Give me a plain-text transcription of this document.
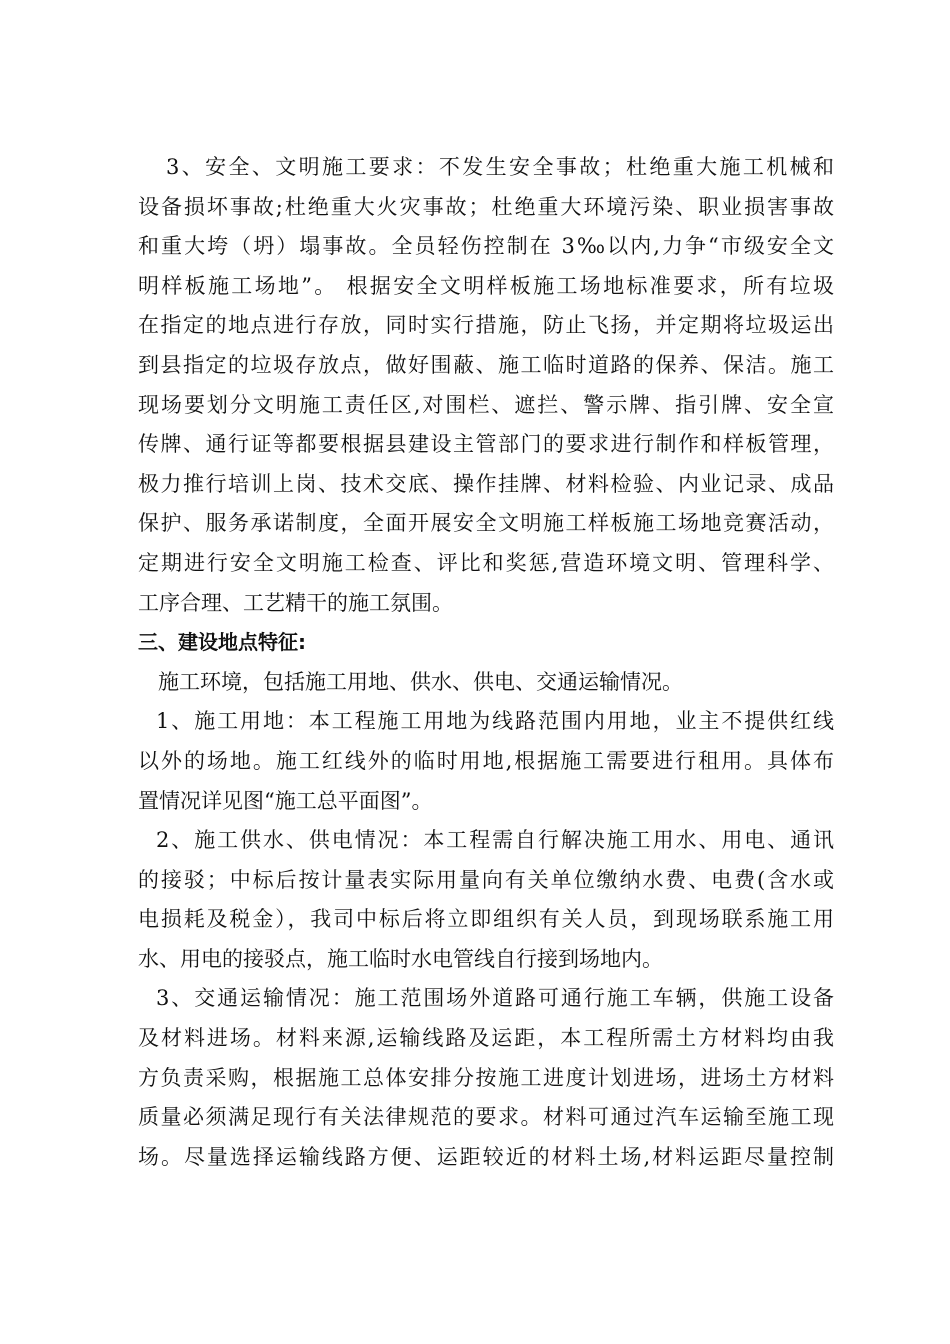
3、安全、文明施工要求：不发生安全事故；杜绝重大施工机械和
设备损坏事故;杜绝重大火灾事故；杜绝重大环境污染、职业损害事故
和重大垮（坍）塌事故。全员轻伤控制在 3‰以内,力争“市级安全文
明样板施工场地”。 根据安全文明样板施工场地标准要求，所有垃圾
在指定的地点进行存放，同时实行措施，防止飞扬，并定期将垃圾运出
到县指定的垃圾存放点，做好围蔽、施工临时道路的保养、保洁。施工
现场要划分文明施工责任区,对围栏、遮拦、警示牌、指引牌、安全宣
传牌、通行证等都要根据县建设主管部门的要求进行制作和样板管理，
极力推行培训上岗、技术交底、操作挂牌、材料检验、内业记录、成品
保护、服务承诺制度，全面开展安全文明施工样板施工场地竞赛活动，
定期进行安全文明施工检查、评比和奖惩,营造环境文明、管理科学、
工序合理、工艺精干的施工氛围。
三、建设地点特征:
施工环境，包括施工用地、供水、供电、交通运输情况。
1、施工用地：本工程施工用地为线路范围内用地，业主不提供红线
以外的场地。施工红线外的临时用地,根据施工需要进行租用。具体布
置情况详见图“施工总平面图”。
2、施工供水、供电情况：本工程需自行解决施工用水、用电、通讯
的接驳；中标后按计量表实际用量向有关单位缴纳水费、电费(含水或
电损耗及税金），我司中标后将立即组织有关人员，到现场联系施工用
水、用电的接驳点，施工临时水电管线自行接到场地内。
3、交通运输情况：施工范围场外道路可通行施工车辆，供施工设备
及材料进场。材料来源,运输线路及运距，本工程所需土方材料均由我
方负责采购，根据施工总体安排分按施工进度计划进场，进场土方材料
质量必须满足现行有关法律规范的要求。材料可通过汽车运输至施工现
场。尽量选择运输线路方便、运距较近的材料土场,材料运距尽量控制
